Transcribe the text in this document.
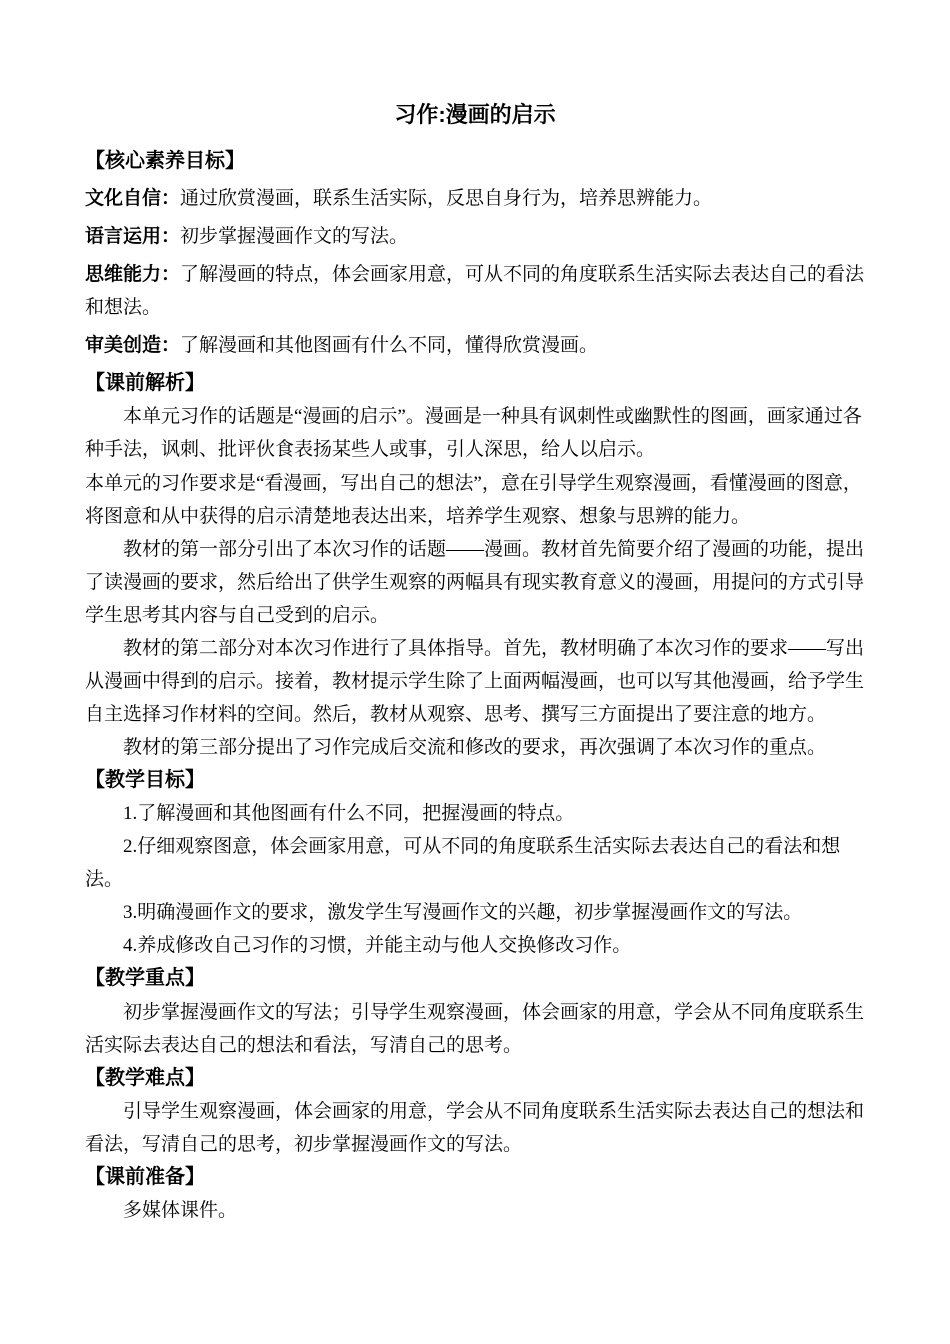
习作:漫画的启示
【核心素养目标】

文化自信：通过欣赏漫画，联系生活实际，反思自身行为，培养思辨能力。

语言运用：初步掌握漫画作文的写法。

思维能力：了解漫画的特点，体会画家用意，可从不同的角度联系生活实际去表达自己的看法和想法。

审美创造：了解漫画和其他图画有什么不同，懂得欣赏漫画。

【课前解析】

本单元习作的话题是“漫画的启示”。漫画是一种具有讽刺性或幽默性的图画，画家通过各种手法，讽刺、批评伙食表扬某些人或事，引人深思，给人以启示。

本单元的习作要求是“看漫画，写出自己的想法”，意在引导学生观察漫画，看懂漫画的图意，将图意和从中获得的启示清楚地表达出来，培养学生观察、想象与思辨的能力。

教材的第一部分引出了本次习作的话题——漫画。教材首先简要介绍了漫画的功能，提出了读漫画的要求，然后给出了供学生观察的两幅具有现实教育意义的漫画，用提问的方式引导学生思考其内容与自己受到的启示。

教材的第二部分对本次习作进行了具体指导。首先，教材明确了本次习作的要求——写出从漫画中得到的启示。接着，教材提示学生除了上面两幅漫画，也可以写其他漫画，给予学生自主选择习作材料的空间。然后，教材从观察、思考、撰写三方面提出了要注意的地方。

教材的第三部分提出了习作完成后交流和修改的要求，再次强调了本次习作的重点。

【教学目标】

1.了解漫画和其他图画有什么不同，把握漫画的特点。

2.仔细观察图意，体会画家用意，可从不同的角度联系生活实际去表达自己的看法和想法。

3.明确漫画作文的要求，激发学生写漫画作文的兴趣，初步掌握漫画作文的写法。

4.养成修改自己习作的习惯，并能主动与他人交换修改习作。

【教学重点】

初步掌握漫画作文的写法；引导学生观察漫画，体会画家的用意，学会从不同角度联系生活实际去表达自己的想法和看法，写清自己的思考。

【教学难点】

引导学生观察漫画，体会画家的用意，学会从不同角度联系生活实际去表达自己的想法和看法，写清自己的思考，初步掌握漫画作文的写法。

【课前准备】

多媒体课件。
